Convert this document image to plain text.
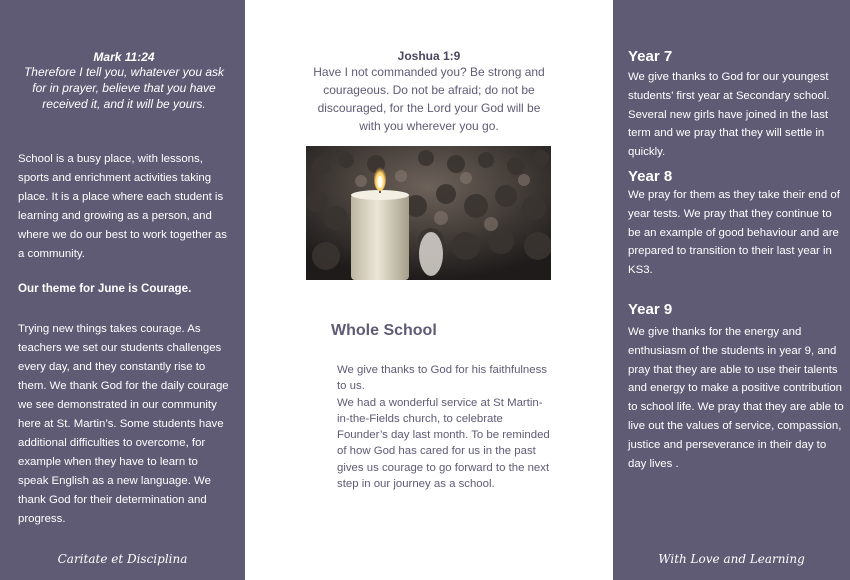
Mark 11:24
Therefore I tell you, whatever you ask for in prayer, believe that you have received it, and it will be yours.
School is a busy place, with lessons, sports and enrichment activities taking place. It is a place where each student is learning and growing as a person, and where we do our best to work together as a community.
Our theme for June is Courage.
Trying new things takes courage. As teachers we set our students challenges every day, and they constantly rise to them. We thank God for the daily courage we see demonstrated in our community here at St. Martin’s. Some students have additional difficulties to overcome, for example when they have to learn to speak English as a new language. We thank God for their determination and progress.
Caritate et Disciplina
Joshua 1:9
Have I not commanded you? Be strong and courageous. Do not be afraid; do not be discouraged, for the Lord your God will be with you wherever you go.
Whole School
We give thanks to God for his faithfulness to us.
We had a wonderful service at St Martin-in-the-Fields church, to celebrate Founder’s day last month. To be reminded of how God has cared for us in the past gives us courage to go forward to the next step in our journey as a school.
Year 7
We give thanks to God for our youngest students’ first year at Secondary school. Several new girls have joined in the last term and we pray that they will settle in quickly.
Year 8
We pray for them as they take their end of year tests. We pray that they continue to be an example of good behaviour and are prepared to transition to their last year in KS3.
Year 9
We give thanks for the energy and enthusiasm of the students in year 9, and pray that they are able to use their talents and energy to make a positive contribution to school life. We pray that they are able to live out the values of service, compassion, justice and perseverance in their day to day lives .
With Love and Learning
